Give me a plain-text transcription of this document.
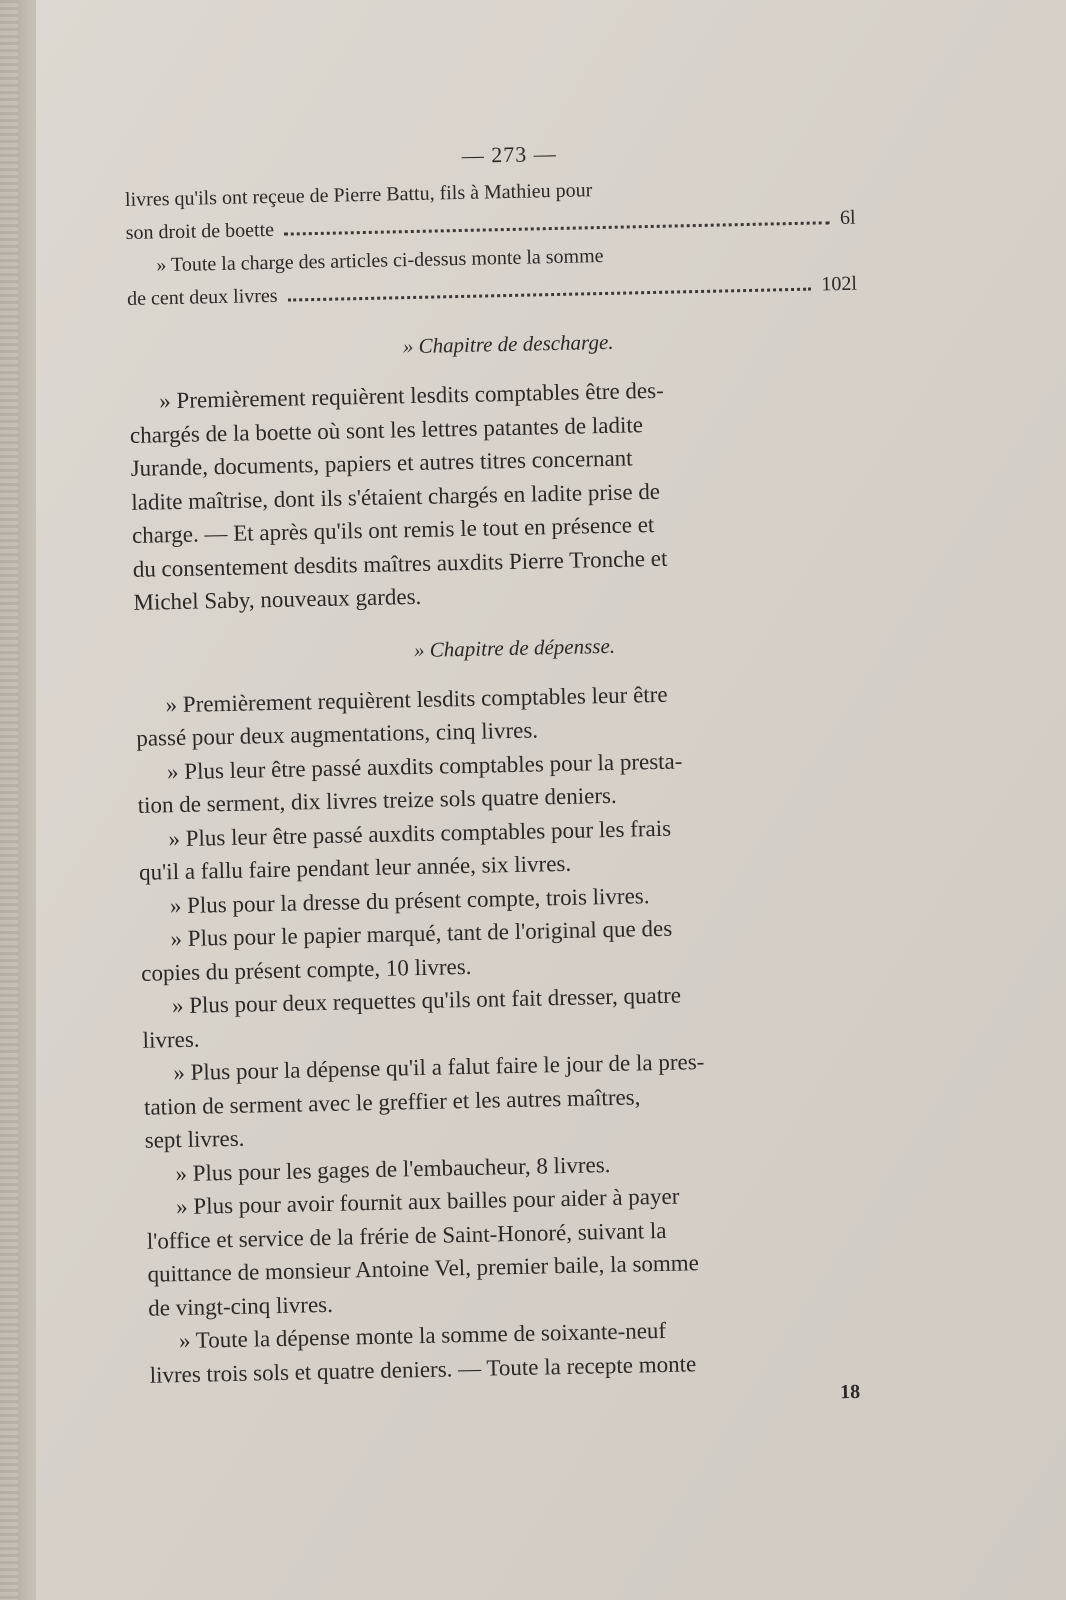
— 273 —

livres qu'ils ont reçeue de Pierre Battu, fils à Mathieu pour

son droit de boette
6l

» Toute la charge des articles ci-dessus monte la somme

de cent deux livres
102l
» Chapitre de descharge.

» Premièrement requièrent lesdits comptables être des-

chargés de la boette où sont les lettres patantes de ladite

Jurande, documents, papiers et autres titres concernant

ladite maîtrise, dont ils s'étaient chargés en ladite prise de

charge. — Et après qu'ils ont remis le tout en présence et

du consentement desdits maîtres auxdits Pierre Tronche et

Michel Saby, nouveaux gardes.

» Chapitre de dépensse.

» Premièrement requièrent lesdits comptables leur être

passé pour deux augmentations, cinq livres.

» Plus leur être passé auxdits comptables pour la presta-

tion de serment, dix livres treize sols quatre deniers.

» Plus leur être passé auxdits comptables pour les frais

qu'il a fallu faire pendant leur année, six livres.

» Plus pour la dresse du présent compte, trois livres.

» Plus pour le papier marqué, tant de l'original que des

copies du présent compte, 10 livres.

» Plus pour deux requettes qu'ils ont fait dresser, quatre

livres.

» Plus pour la dépense qu'il a falut faire le jour de la pres-

tation de serment avec le greffier et les autres maîtres,

sept livres.

» Plus pour les gages de l'embaucheur, 8 livres.

» Plus pour avoir fournit aux bailles pour aider à payer

l'office et service de la frérie de Saint-Honoré, suivant la

quittance de monsieur Antoine Vel, premier baile, la somme

de vingt-cinq livres.

» Toute la dépense monte la somme de soixante-neuf

livres trois sols et quatre deniers. — Toute la recepte monte

18
